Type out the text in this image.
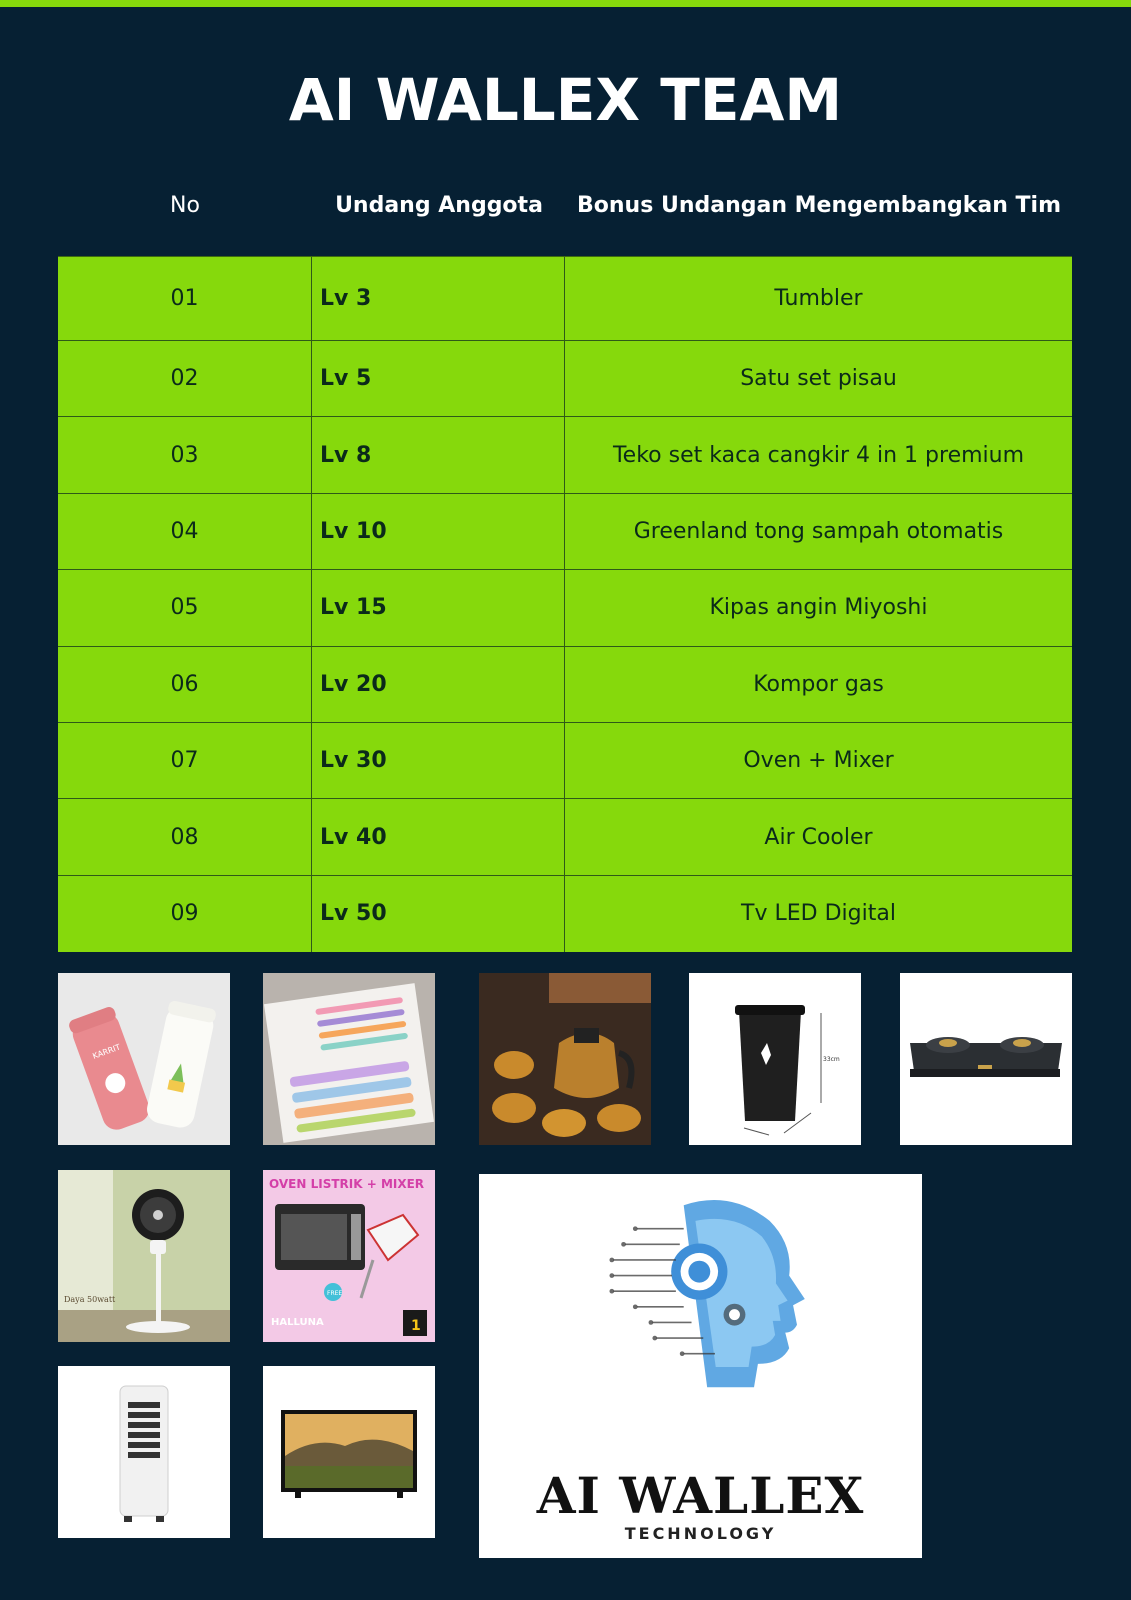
AI WALLEX TEAM
No	Undang Anggota	Bonus Undangan Mengembangkan Tim
01	Lv 3	Tumbler
02	Lv 5	Satu set pisau
03	Lv 8	Teko set kaca cangkir 4 in 1 premium
04	Lv 10	Greenland tong sampah otomatis
05	Lv 15	Kipas angin Miyoshi
06	Lv 20	Kompor gas
07	Lv 30	Oven + Mixer
08	Lv 40	Air Cooler
09	Lv 50	Tv LED Digital
KARRIT	33cm
Daya 50watt
OVEN LISTRIK + MIXER
FREE
HALLUNA	1
AI WALLEX
TECHNOLOGY
